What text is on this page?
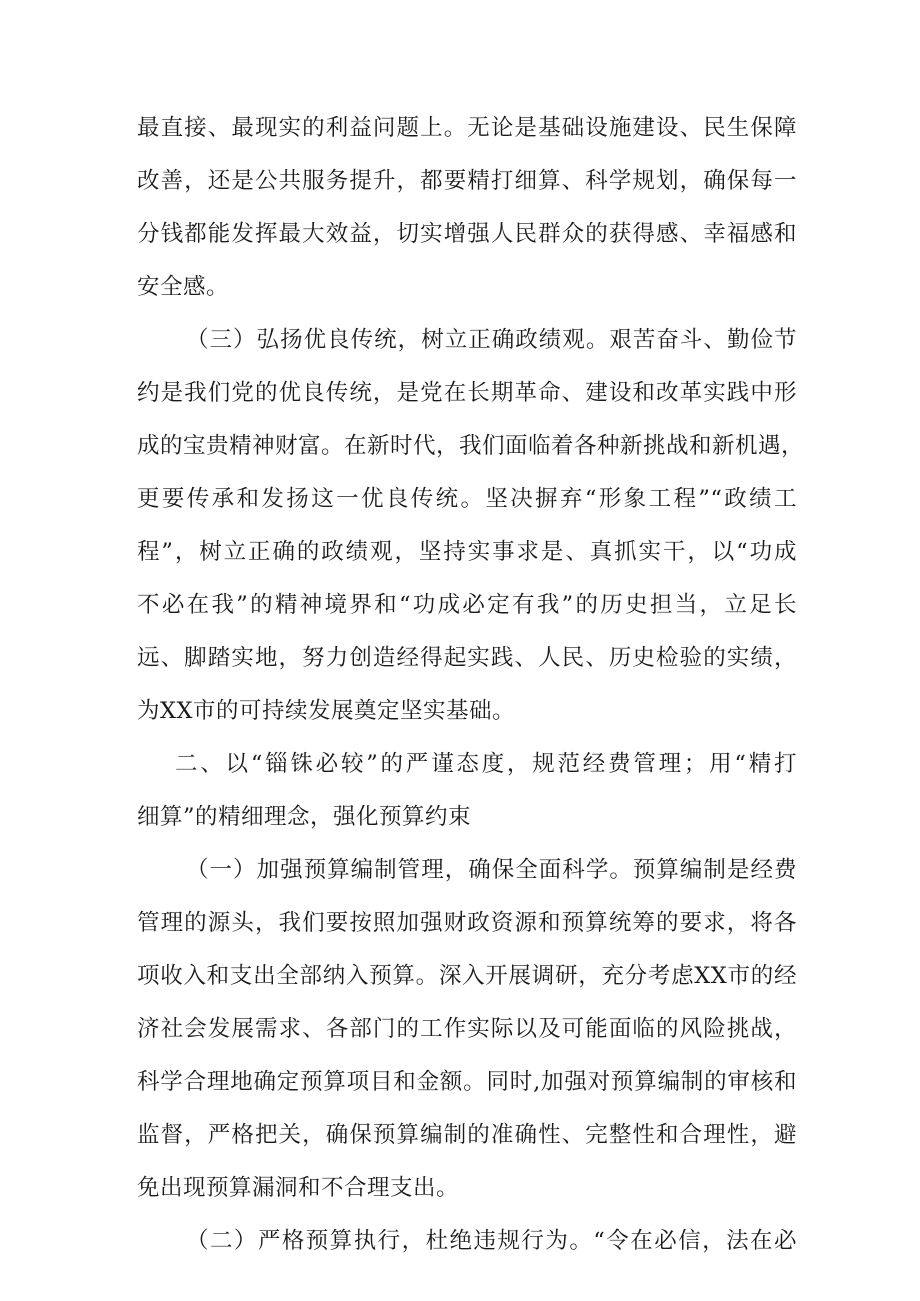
最直接、最现实的利益问题上。无论是基础设施建设、民生保障
改善，还是公共服务提升，都要精打细算、科学规划，确保每一
分钱都能发挥最大效益，切实增强人民群众的获得感、幸福感和
安全感。
（三）弘扬优良传统，树立正确政绩观。艰苦奋斗、勤俭节
约是我们党的优良传统，是党在长期革命、建设和改革实践中形
成的宝贵精神财富。在新时代，我们面临着各种新挑战和新机遇，
更要传承和发扬这一优良传统。坚决摒弃“形象工程”“政绩工
程”，树立正确的政绩观，坚持实事求是、真抓实干，以“功成
不必在我”的精神境界和“功成必定有我”的历史担当，立足长
远、脚踏实地，努力创造经得起实践、人民、历史检验的实绩，
为XX市的可持续发展奠定坚实基础。
二、以“锱铢必较”的严谨态度，规范经费管理；用“精打
细算”的精细理念，强化预算约束
（一）加强预算编制管理，确保全面科学。预算编制是经费
管理的源头，我们要按照加强财政资源和预算统筹的要求，将各
项收入和支出全部纳入预算。深入开展调研，充分考虑XX市的经
济社会发展需求、各部门的工作实际以及可能面临的风险挑战，
科学合理地确定预算项目和金额。同时,加强对预算编制的审核和
监督，严格把关，确保预算编制的准确性、完整性和合理性，避
免出现预算漏洞和不合理支出。
（二）严格预算执行，杜绝违规行为。“令在必信，法在必
